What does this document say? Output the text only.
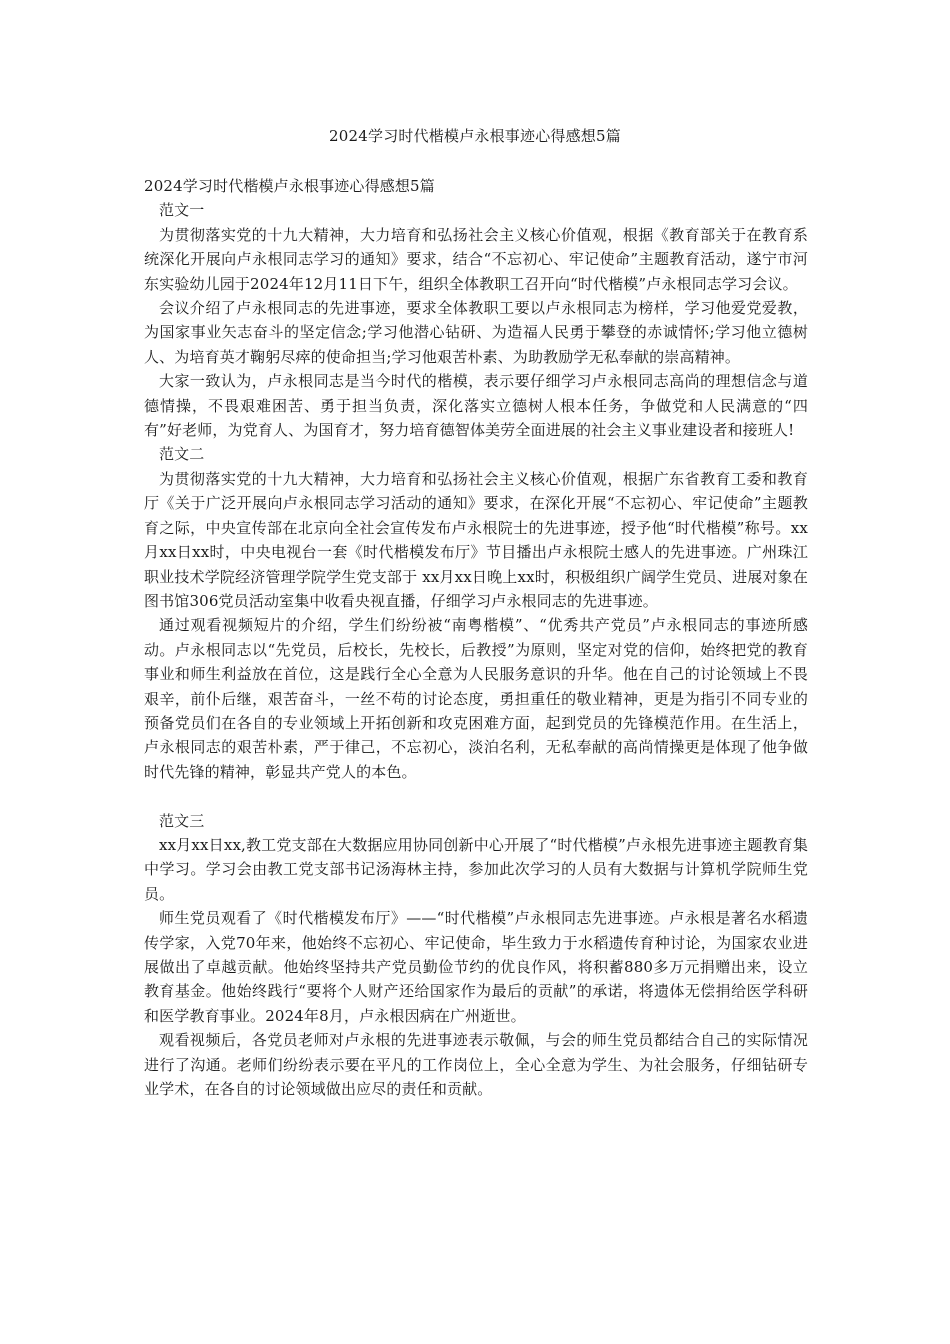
2024学习时代楷模卢永根事迹心得感想5篇

2024学习时代楷模卢永根事迹心得感想5篇

范文一

为贯彻落实党的十九大精神，大力培育和弘扬社会主义核心价值观，根据《教育部关于在教育系统深化开展向卢永根同志学习的通知》要求，结合“不忘初心、牢记使命”主题教育活动，遂宁市河东实验幼儿园于2024年12月11日下午，组织全体教职工召开向“时代楷模”卢永根同志学习会议。

会议介绍了卢永根同志的先进事迹，要求全体教职工要以卢永根同志为榜样，学习他爱党爱教，为国家事业矢志奋斗的坚定信念;学习他潜心钻研、为造福人民勇于攀登的赤诚情怀;学习他立德树人、为培育英才鞠躬尽瘁的使命担当;学习他艰苦朴素、为助教励学无私奉献的崇高精神。

大家一致认为，卢永根同志是当今时代的楷模，表示要仔细学习卢永根同志高尚的理想信念与道德情操，不畏艰难困苦、勇于担当负责，深化落实立德树人根本任务，争做党和人民满意的“四有”好老师，为党育人、为国育才，努力培育德智体美劳全面进展的社会主义事业建设者和接班人!

范文二

为贯彻落实党的十九大精神，大力培育和弘扬社会主义核心价值观，根据广东省教育工委和教育厅《关于广泛开展向卢永根同志学习活动的通知》要求，在深化开展“不忘初心、牢记使命”主题教育之际，中央宣传部在北京向全社会宣传发布卢永根院士的先进事迹，授予他“时代楷模”称号。xx月xx日xx时，中央电视台一套《时代楷模发布厅》节目播出卢永根院士感人的先进事迹。广州珠江职业技术学院经济管理学院学生党支部于 xx月xx日晚上xx时，积极组织广阔学生党员、进展对象在图书馆306党员活动室集中收看央视直播，仔细学习卢永根同志的先进事迹。

通过观看视频短片的介绍，学生们纷纷被“南粤楷模”、“优秀共产党员”卢永根同志的事迹所感动。卢永根同志以“先党员，后校长，先校长，后教授”为原则，坚定对党的信仰，始终把党的教育事业和师生利益放在首位，这是践行全心全意为人民服务意识的升华。他在自己的讨论领域上不畏艰辛，前仆后继，艰苦奋斗，一丝不苟的讨论态度，勇担重任的敬业精神，更是为指引不同专业的预备党员们在各自的专业领域上开拓创新和攻克困难方面，起到党员的先锋模范作用。在生活上，卢永根同志的艰苦朴素，严于律己，不忘初心，淡泊名利，无私奉献的高尚情操更是体现了他争做时代先锋的精神，彰显共产党人的本色。

范文三

xx月xx日xx,教工党支部在大数据应用协同创新中心开展了“时代楷模”卢永根先进事迹主题教育集中学习。学习会由教工党支部书记汤海林主持，参加此次学习的人员有大数据与计算机学院师生党员。

师生党员观看了《时代楷模发布厅》——“时代楷模”卢永根同志先进事迹。卢永根是著名水稻遗传学家，入党70年来，他始终不忘初心、牢记使命，毕生致力于水稻遗传育种讨论，为国家农业进展做出了卓越贡献。他始终坚持共产党员勤俭节约的优良作风，将积蓄880多万元捐赠出来，设立教育基金。他始终践行“要将个人财产还给国家作为最后的贡献”的承诺，将遗体无偿捐给医学科研和医学教育事业。2024年8月，卢永根因病在广州逝世。

观看视频后，各党员老师对卢永根的先进事迹表示敬佩，与会的师生党员都结合自己的实际情况进行了沟通。老师们纷纷表示要在平凡的工作岗位上，全心全意为学生、为社会服务，仔细钻研专业学术，在各自的讨论领域做出应尽的责任和贡献。
